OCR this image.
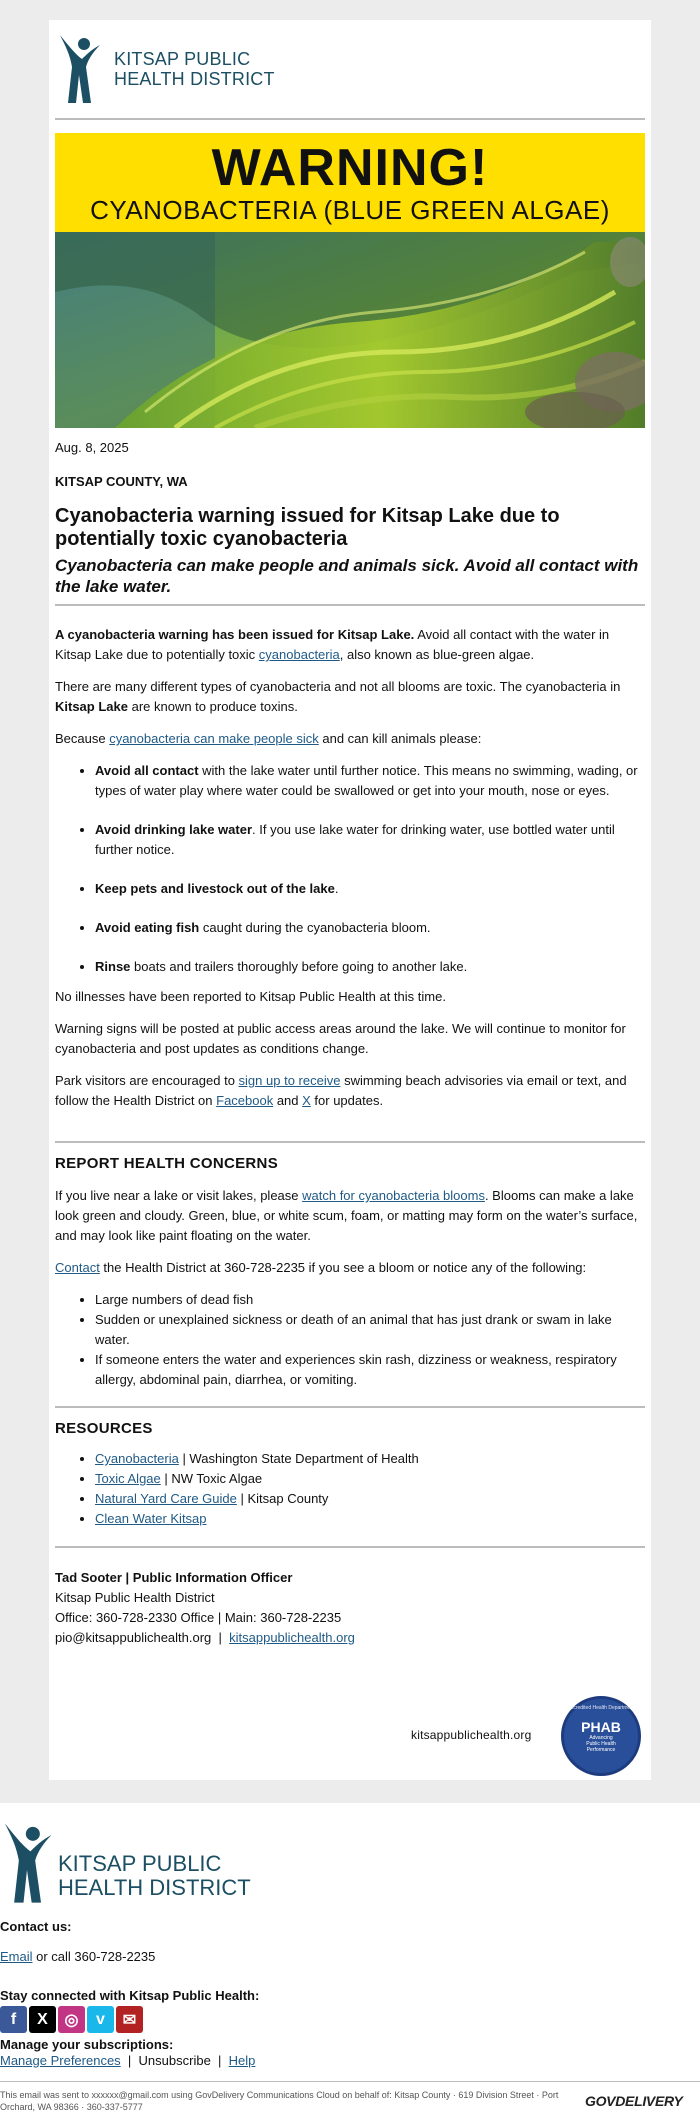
KITSAP PUBLIC
HEALTH DISTRICT
WARNING!
CYANOBACTERIA (BLUE GREEN ALGAE)
Aug. 8, 2025
KITSAP COUNTY, WA
Cyanobacteria warning issued for Kitsap Lake due to potentially toxic cyanobacteria
Cyanobacteria can make people and animals sick. Avoid all contact with the lake water.

A cyanobacteria warning has been issued for Kitsap Lake. Avoid all contact with the water in Kitsap Lake due to potentially toxic cyanobacteria, also known as blue-green algae.

There are many different types of cyanobacteria and not all blooms are toxic. The cyanobacteria in Kitsap Lake are known to produce toxins.

Because cyanobacteria can make people sick and can kill animals please:

• Avoid all contact with the lake water until further notice. This means no swimming, wading, or types of water play where water could be swallowed or get into your mouth, nose or eyes.
• Avoid drinking lake water. If you use lake water for drinking water, use bottled water until further notice.
• Keep pets and livestock out of the lake.
• Avoid eating fish caught during the cyanobacteria bloom.
• Rinse boats and trailers thoroughly before going to another lake.

No illnesses have been reported to Kitsap Public Health at this time.

Warning signs will be posted at public access areas around the lake. We will continue to monitor for cyanobacteria and post updates as conditions change.

Park visitors are encouraged to sign up to receive swimming beach advisories via email or text, and follow the Health District on Facebook and X for updates.

REPORT HEALTH CONCERNS

If you live near a lake or visit lakes, please watch for cyanobacteria blooms. Blooms can make a lake look green and cloudy. Green, blue, or white scum, foam, or matting may form on the water’s surface, and may look like paint floating on the water.

Contact the Health District at 360-728-2235 if you see a bloom or notice any of the following:

• Large numbers of dead fish
• Sudden or unexplained sickness or death of an animal that has just drank or swam in lake water.
• If someone enters the water and experiences skin rash, dizziness or weakness, respiratory allergy, abdominal pain, diarrhea, or vomiting.
RESOURCES
• Cyanobacteria | Washington State Department of Health
• Toxic Algae | NW Toxic Algae
• Natural Yard Care Guide | Kitsap County
• Clean Water Kitsap
Tad Sooter | Public Information Officer
Kitsap Public Health District
Office: 360-728-2330 Office | Main: 360-728-2235
pio@kitsappublichealth.org  |  kitsappublichealth.org
kitsappublichealth.org
Accredited Health Department
PHAB
Advancing
Public Health
Performance
KITSAP PUBLIC
HEALTH DISTRICT
Contact us:
Email or call 360-728-2235
Stay connected with Kitsap Public Health:
f	X	◎	v	✉
Manage your subscriptions:
Manage Preferences | Unsubscribe | Help
This email was sent to xxxxxx@gmail.com using GovDelivery Communications Cloud on behalf of: Kitsap County · 619 Division Street · Port Orchard, WA 98366 · 360-337-5777	GOVDELIVERY
